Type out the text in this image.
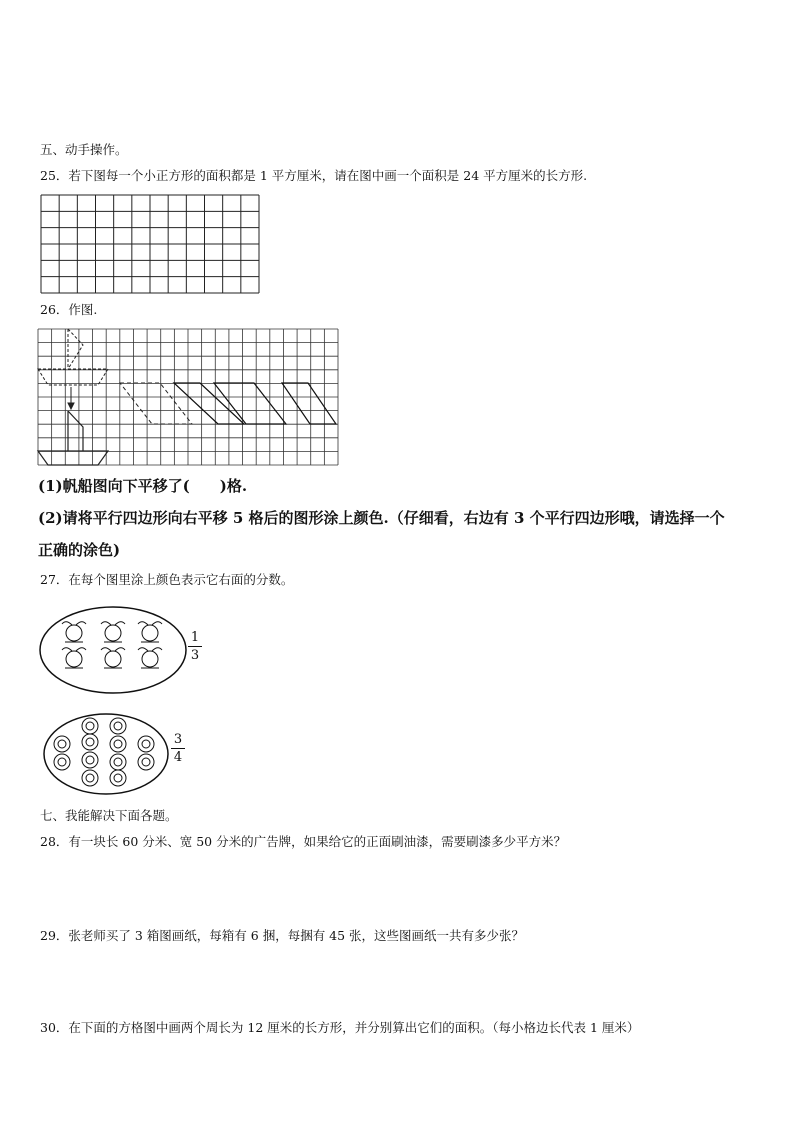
五、动手操作。
25．若下图每一个小正方形的面积都是 1 平方厘米，请在图中画一个面积是 24 平方厘米的长方形.
26．作图.
(1)帆船图向下平移了(　　)格.
(2)请将平行四边形向右平移 5 格后的图形涂上颜色.（仔细看，右边有 3 个平行四边形哦，请选择一个
正确的涂色)
27．在每个图里涂上颜色表示它右面的分数。
1
3
3
4
七、我能解决下面各题。
28．有一块长 60 分米、宽 50 分米的广告牌，如果给它的正面刷油漆，需要刷漆多少平方米？
29．张老师买了 3 箱图画纸，每箱有 6 捆，每捆有 45 张，这些图画纸一共有多少张？
30．在下面的方格图中画两个周长为 12 厘米的长方形，并分别算出它们的面积。（每小格边长代表 1 厘米）
